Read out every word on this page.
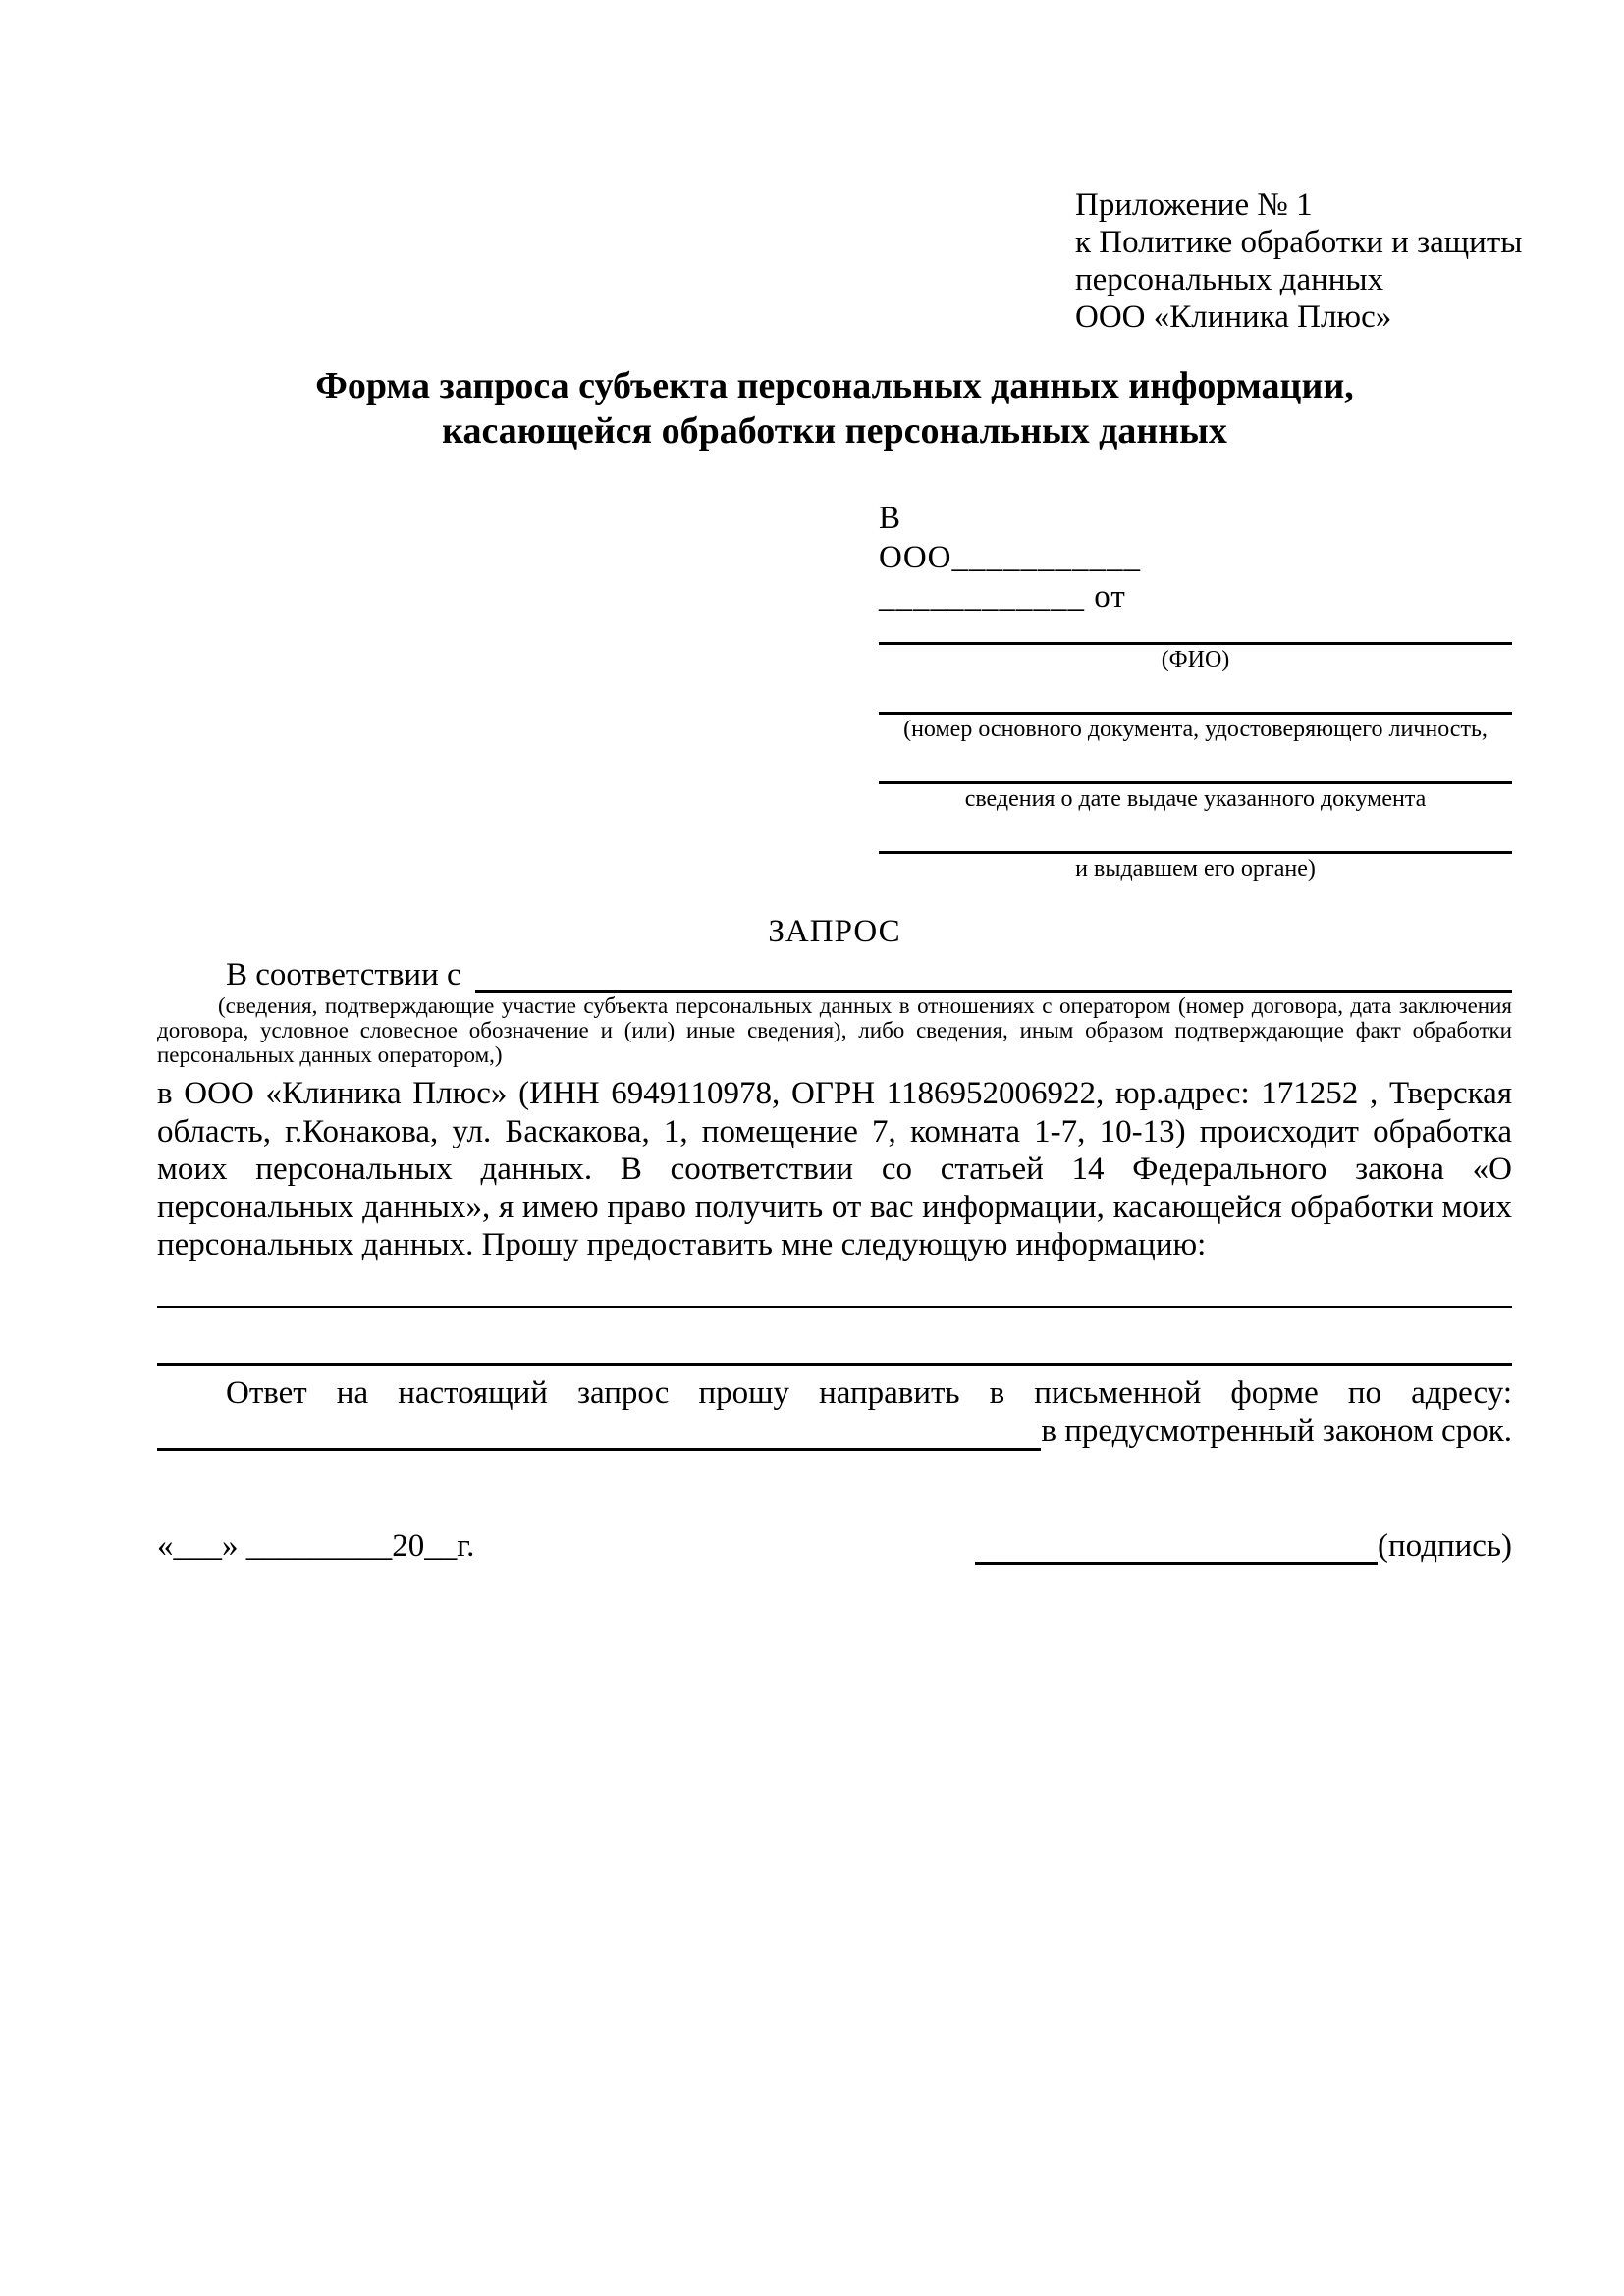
Приложение № 1
к Политике обработки и защиты
персональных данных
ООО «Клиника Плюс»
Форма запроса субъекта персональных данных информации,
касающейся обработки персональных данных
В
ООО___________
____________ от
(ФИО)
(номер основного документа, удостоверяющего личность,
сведения о дате выдаче указанного документа
и выдавшем его органе)
ЗАПРОС
В соответствии с
(сведения, подтверждающие участие субъекта персональных данных в отношениях с оператором (номер договора, дата заключения договора, условное словесное обозначение и (или) иные сведения), либо сведения, иным образом подтверждающие факт обработки персональных данных оператором,)
в ООО «Клиника Плюс» (ИНН 6949110978, ОГРН 1186952006922, юр.адрес: 171252 , Тверская область, г.Конакова, ул. Баскакова, 1, помещение 7, комната 1-7, 10-13) происходит обработка моих персональных данных. В соответствии со статьей 14 Федерального закона «О персональных данных», я имею право получить от вас информации, касающейся обработки моих персональных данных. Прошу предоставить мне следующую информацию:
Ответ на настоящий запрос прошу направить в письменной форме по адресу:
в предусмотренный законом срок.
«___» _________20__г.	(подпись)
